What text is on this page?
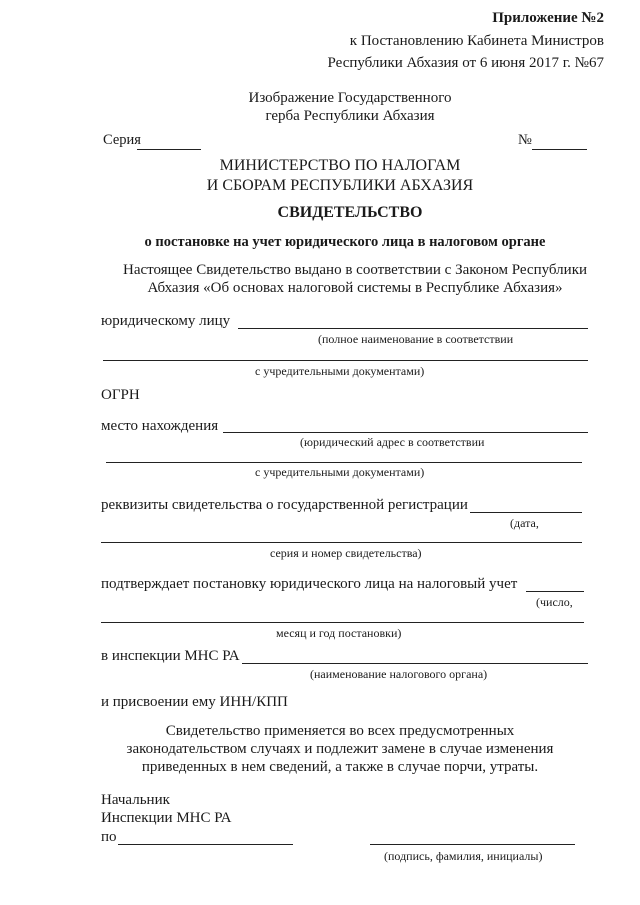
Приложение №2
к Постановлению Кабинета Министров
Республики Абхазия от 6 июня 2017 г. №67
Изображение Государственного
герба Республики Абхазия
Серия	№
МИНИСТЕРСТВО ПО НАЛОГАМ
И СБОРАМ РЕСПУБЛИКИ АБХАЗИЯ
СВИДЕТЕЛЬСТВО
о постановке на учет юридического лица в налоговом органе
Настоящее Свидетельство выдано в соответствии с Законом Республики
Абхазия «Об основах налоговой системы в Республике Абхазия»
юридическому лицу
(полное наименование в соответствии
с учредительными документами)
ОГРН
место нахождения
(юридический адрес в соответствии
с учредительными документами)
реквизиты свидетельства о государственной регистрации
(дата,
серия и номер свидетельства)
подтверждает постановку юридического лица на налоговый учет
(число,
месяц и год постановки)
в инспекции МНС РА
(наименование налогового органа)
и присвоении ему ИНН/КПП
Свидетельство применяется во всех предусмотренных
законодательством случаях и подлежит замене в случае изменения
приведенных в нем сведений, а также в случае порчи, утраты.
Начальник
Инспекции МНС РА
по
(подпись, фамилия, инициалы)
